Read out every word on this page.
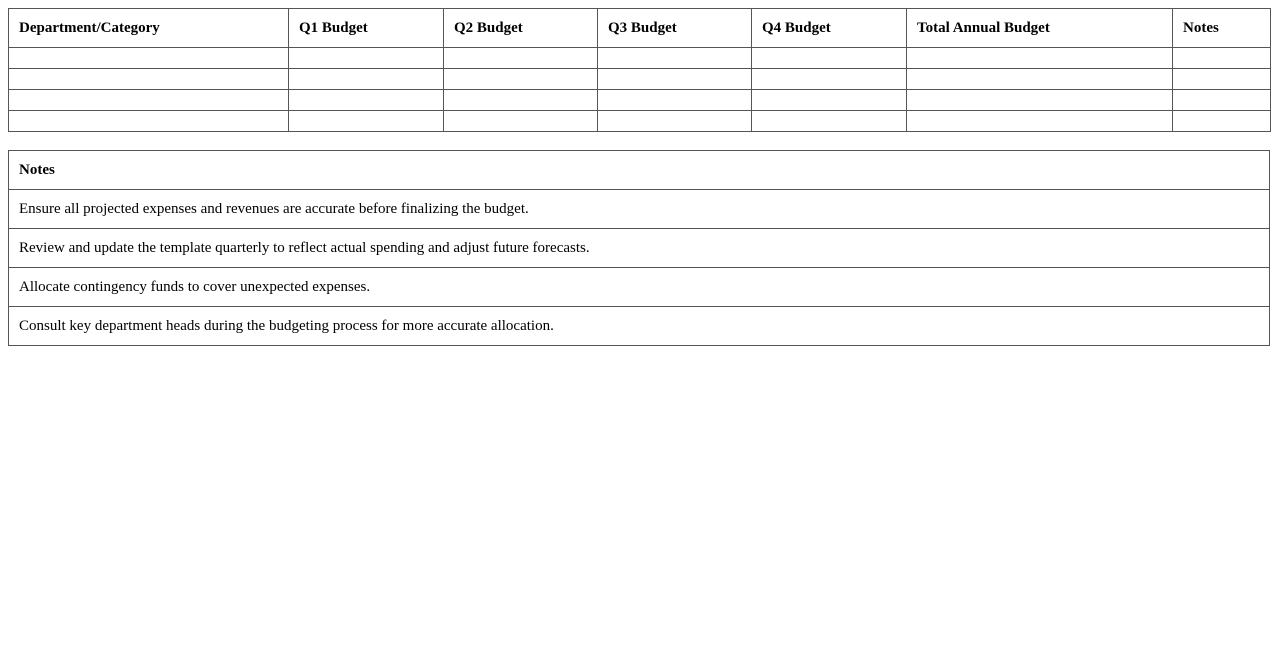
Department/Category	Q1 Budget	Q2 Budget	Q3 Budget	Q4 Budget	Total Annual Budget	Notes

Notes
Ensure all projected expenses and revenues are accurate before finalizing the budget.
Review and update the template quarterly to reflect actual spending and adjust future forecasts.
Allocate contingency funds to cover unexpected expenses.
Consult key department heads during the budgeting process for more accurate allocation.
